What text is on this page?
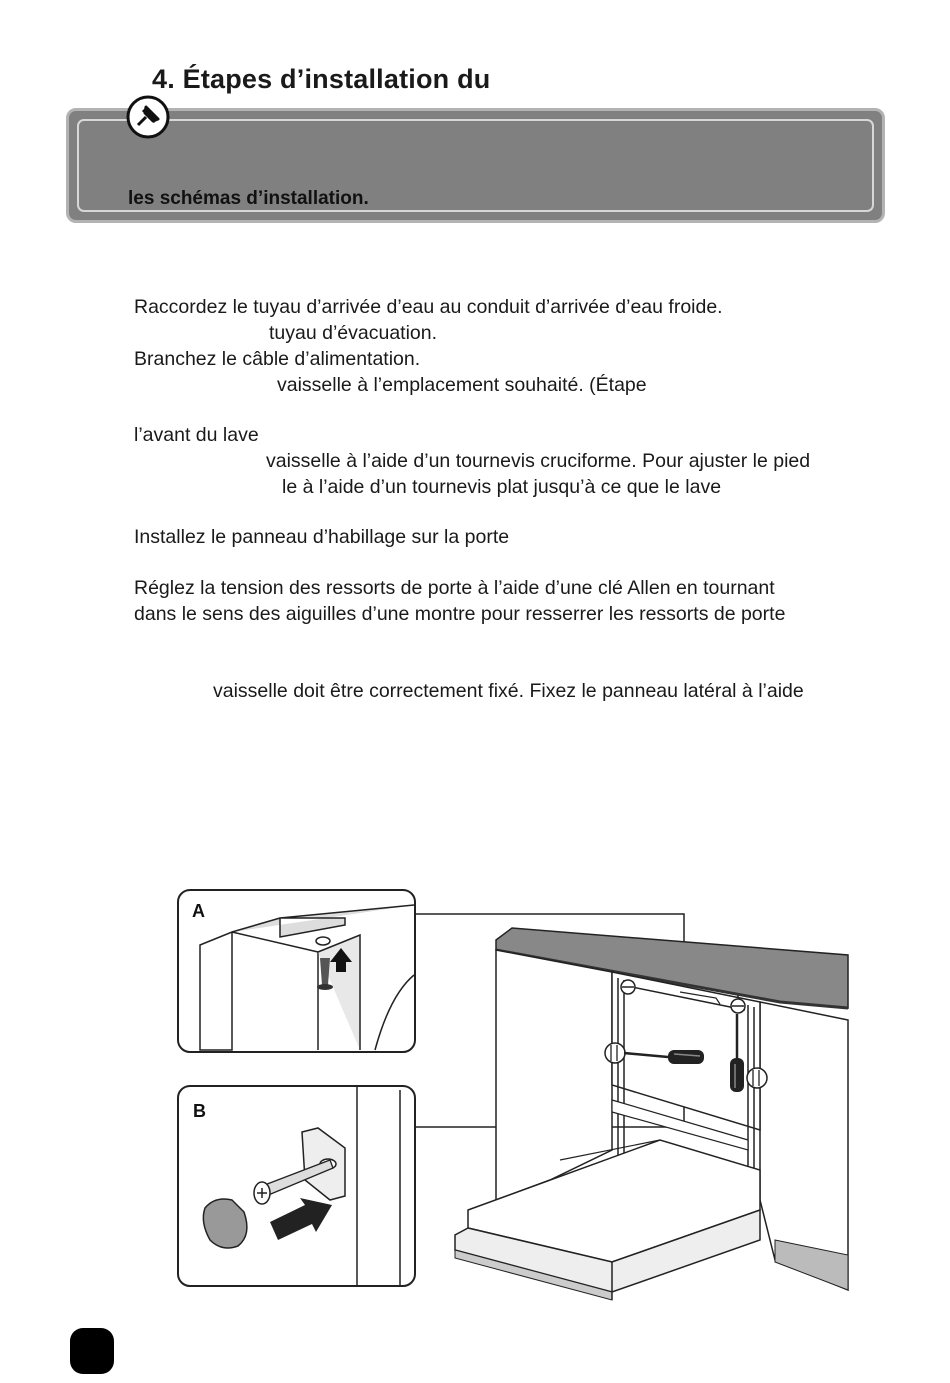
4. Étapes d’installation du
les schémas d’installation.
Raccordez le tuyau d’arrivée d’eau au conduit d’arrivée d’eau froide.
tuyau d’évacuation.
Branchez le câble d’alimentation.
vaisselle à l’emplacement souhaité. (Étape
l’avant du lave
vaisselle à l’aide d’un tournevis cruciforme. Pour ajuster le pied
le à l’aide d’un tournevis plat jusqu’à ce que le lave
Installez le panneau d’habillage sur la porte
Réglez la tension des ressorts de porte à l’aide d’une clé Allen en tournant
dans le sens des aiguilles d’une montre pour resserrer les ressorts de porte
vaisselle doit être correctement fixé. Fixez le panneau latéral à l’aide
A
B
